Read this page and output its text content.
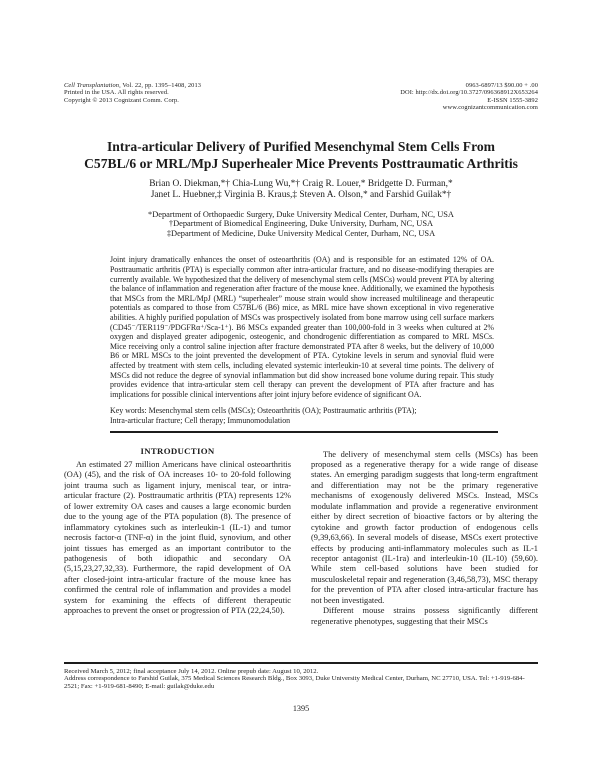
Cell Transplantation, Vol. 22, pp. 1395–1408, 2013
Printed in the USA. All rights reserved.
Copyright © 2013 Cognizant Comm. Corp.
0963-6897/13 $90.00 + .00
DOI: http://dx.doi.org/10.3727/096368912X653264
E-ISSN 1555-3892
www.cognizantcommunication.com
Intra-articular Delivery of Purified Mesenchymal Stem Cells From
C57BL/6 or MRL/MpJ Superhealer Mice Prevents Posttraumatic Arthritis
Brian O. Diekman,*† Chia-Lung Wu,*† Craig R. Louer,* Bridgette D. Furman,*
Janet L. Huebner,‡ Virginia B. Kraus,‡ Steven A. Olson,* and Farshid Guilak*†
*Department of Orthopaedic Surgery, Duke University Medical Center, Durham, NC, USA
†Department of Biomedical Engineering, Duke University, Durham, NC, USA
‡Department of Medicine, Duke University Medical Center, Durham, NC, USA
Joint injury dramatically enhances the onset of osteoarthritis (OA) and is responsible for an estimated 12% of OA. Posttraumatic arthritis (PTA) is especially common after intra-articular fracture, and no disease-modifying therapies are currently available. We hypothesized that the delivery of mesenchymal stem cells (MSCs) would prevent PTA by altering the balance of inflammation and regeneration after fracture of the mouse knee. Additionally, we examined the hypothesis that MSCs from the MRL/MpJ (MRL) “superhealer” mouse strain would show increased multilineage and therapeutic potentials as compared to those from C57BL/6 (B6) mice, as MRL mice have shown exceptional in vivo regenerative abilities. A highly purified population of MSCs was prospectively isolated from bone marrow using cell surface markers (CD45⁻/TER119⁻/PDGFRα⁺/Sca-1⁺). B6 MSCs expanded greater than 100,000-fold in 3 weeks when cultured at 2% oxygen and displayed greater adipogenic, osteogenic, and chondrogenic differentiation as compared to MRL MSCs. Mice receiving only a control saline injection after fracture demonstrated PTA after 8 weeks, but the delivery of 10,000 B6 or MRL MSCs to the joint prevented the development of PTA. Cytokine levels in serum and synovial fluid were affected by treatment with stem cells, including elevated systemic interleukin-10 at several time points. The delivery of MSCs did not reduce the degree of synovial inflammation but did show increased bone volume during repair. This study provides evidence that intra-articular stem cell therapy can prevent the development of PTA after fracture and has implications for possible clinical interventions after joint injury before evidence of significant OA.
Key words: Mesenchymal stem cells (MSCs); Osteoarthritis (OA); Posttraumatic arthritis (PTA);
Intra-articular fracture; Cell therapy; Immunomodulation
INTRODUCTION

An estimated 27 million Americans have clinical osteoarthritis (OA) (45), and the risk of OA increases 10- to 20-fold following joint trauma such as ligament injury, meniscal tear, or intra-articular fracture (2). Posttraumatic arthritis (PTA) represents 12% of lower extremity OA cases and causes a large economic burden due to the young age of the PTA population (8). The presence of inflammatory cytokines such as interleukin-1 (IL-1) and tumor necrosis factor-α (TNF-α) in the joint fluid, synovium, and other joint tissues has emerged as an important contributor to the pathogenesis of both idiopathic and secondary OA (5,15,23,27,32,33). Furthermore, the rapid development of OA after closed-joint intra-articular fracture of the mouse knee has confirmed the central role of inflammation and provides a model system for examining the effects of different therapeutic approaches to prevent the onset or progression of PTA (22,24,50).

The delivery of mesenchymal stem cells (MSCs) has been proposed as a regenerative therapy for a wide range of disease states. An emerging paradigm suggests that long-term engraftment and differentiation may not be the primary regenerative mechanisms of exogenously delivered MSCs. Instead, MSCs modulate inflammation and provide a regenerative environment either by direct secretion of bioactive factors or by altering the cytokine and growth factor production of endogenous cells (9,39,63,66). In several models of disease, MSCs exert protective effects by producing anti-inflammatory molecules such as IL-1 receptor antagonist (IL-1ra) and interleukin-10 (IL-10) (59,60). While stem cell-based solutions have been studied for musculoskeletal repair and regeneration (3,46,58,73), MSC therapy for the prevention of PTA after closed intra-articular fracture has not been investigated.

Different mouse strains possess significantly different regenerative phenotypes, suggesting that their MSCs

Received March 5, 2012; final acceptance July 14, 2012. Online prepub date: August 10, 2012.
Address correspondence to Farshid Guilak, 375 Medical Sciences Research Bldg., Box 3093, Duke University Medical Center, Durham, NC 27710, USA. Tel: +1-919-684-2521; Fax: +1-919-681-8490; E-mail: guilak@duke.edu
1395
